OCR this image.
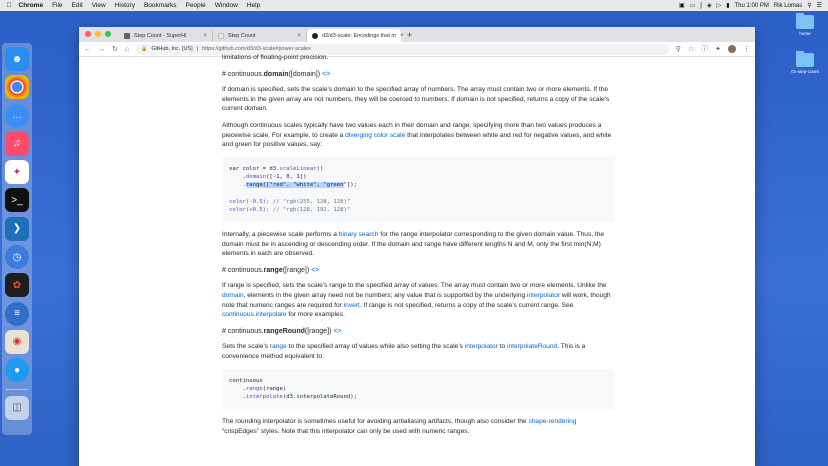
Chrome File Edit View History Bookmarks People Window Help	▣ ▭ ∫ ◈ ▷ ▮ Thu 1:00 PM Rik Lomas ⚲ ☰
☻
…
♫
✦
>_
❯
◷
✿
≡
◉
●
◫
home
01-step-count
Step Count - SuperHi	×	Step Count	×	d3/d3-scale: Encodings that m × +
← → ↻ ⌂ 🔒 GitHub, Inc. [US] | https://github.com/d3/d3-scale#power-scales	⚲ ☆ ⓘ ✦	⋮

limitations of floating-point precision.

# continuous.domain([domain]) <>

If domain is specified, sets the scale’s domain to the specified array of numbers. The array must contain two or more elements. If the elements in the given array are not numbers, they will be coerced to numbers. If domain is not specified, returns a copy of the scale’s current domain.

Although continuous scales typically have two values each in their domain and range, specifying more than two values produces a piecewise scale. For example, to create a diverging color scale that interpolates between white and red for negative values, and white and green for positive values, say:

var color = d3.scaleLinear()
.domain([-1, 0, 1])
.range(["red", "white", "green"]);

color(-0.5); // "rgb(255, 128, 128)"
color(+0.5); // "rgb(128, 192, 128)"

Internally, a piecewise scale performs a binary search for the range interpolator corresponding to the given domain value. Thus, the domain must be in ascending or descending order. If the domain and range have different lengths N and M, only the first min(N,M) elements in each are observed.

# continuous.range([range]) <>

If range is specified, sets the scale’s range to the specified array of values. The array must contain two or more elements. Unlike the domain, elements in the given array need not be numbers; any value that is supported by the underlying interpolator will work, though note that numeric ranges are required for invert. If range is not specified, returns a copy of the scale’s current range. See continuous.interpolate for more examples.

# continuous.rangeRound([range]) <>

Sets the scale’s range to the specified array of values while also setting the scale’s interpolator to interpolateRound. This is a convenience method equivalent to:

continuous
.range(range)
.interpolate(d3.interpolateRound);

The rounding interpolator is sometimes useful for avoiding antialiasing artifacts, though also consider the shape-rendering “crispEdges” styles. Note that this interpolator can only be used with numeric ranges.
